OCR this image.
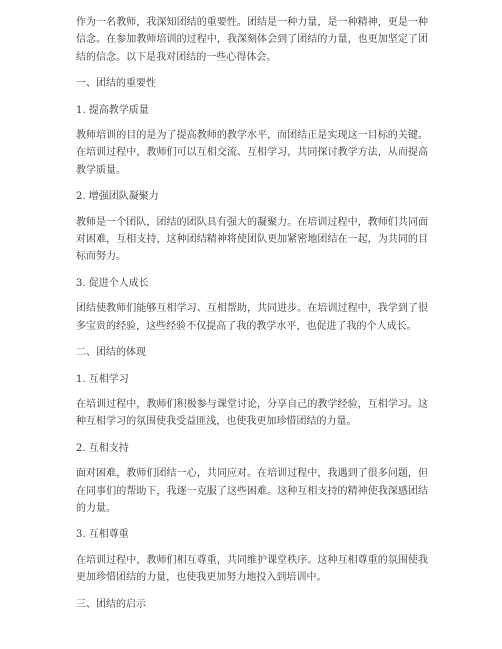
作为一名教师，我深知团结的重要性。团结是一种力量，是一种精神，更是一种信念。在参加教师培训的过程中，我深刻体会到了团结的力量，也更加坚定了团结的信念。以下是我对团结的一些心得体会。

一、团结的重要性

1. 提高教学质量

教师培训的目的是为了提高教师的教学水平，而团结正是实现这一目标的关键。在培训过程中，教师们可以互相交流、互相学习，共同探讨教学方法，从而提高教学质量。

2. 增强团队凝聚力

教师是一个团队，团结的团队具有强大的凝聚力。在培训过程中，教师们共同面对困难，互相支持，这种团结精神将使团队更加紧密地团结在一起，为共同的目标而努力。

3. 促进个人成长

团结使教师们能够互相学习、互相帮助，共同进步。在培训过程中，我学到了很多宝贵的经验，这些经验不仅提高了我的教学水平，也促进了我的个人成长。

二、团结的体现

1. 互相学习

在培训过程中，教师们积极参与课堂讨论，分享自己的教学经验，互相学习。这种互相学习的氛围使我受益匪浅，也使我更加珍惜团结的力量。

2. 互相支持

面对困难，教师们团结一心，共同应对。在培训过程中，我遇到了很多问题，但在同事们的帮助下，我逐一克服了这些困难。这种互相支持的精神使我深感团结的力量。

3. 互相尊重

在培训过程中，教师们相互尊重，共同维护课堂秩序。这种互相尊重的氛围使我更加珍惜团结的力量，也使我更加努力地投入到培训中。

三、团结的启示
